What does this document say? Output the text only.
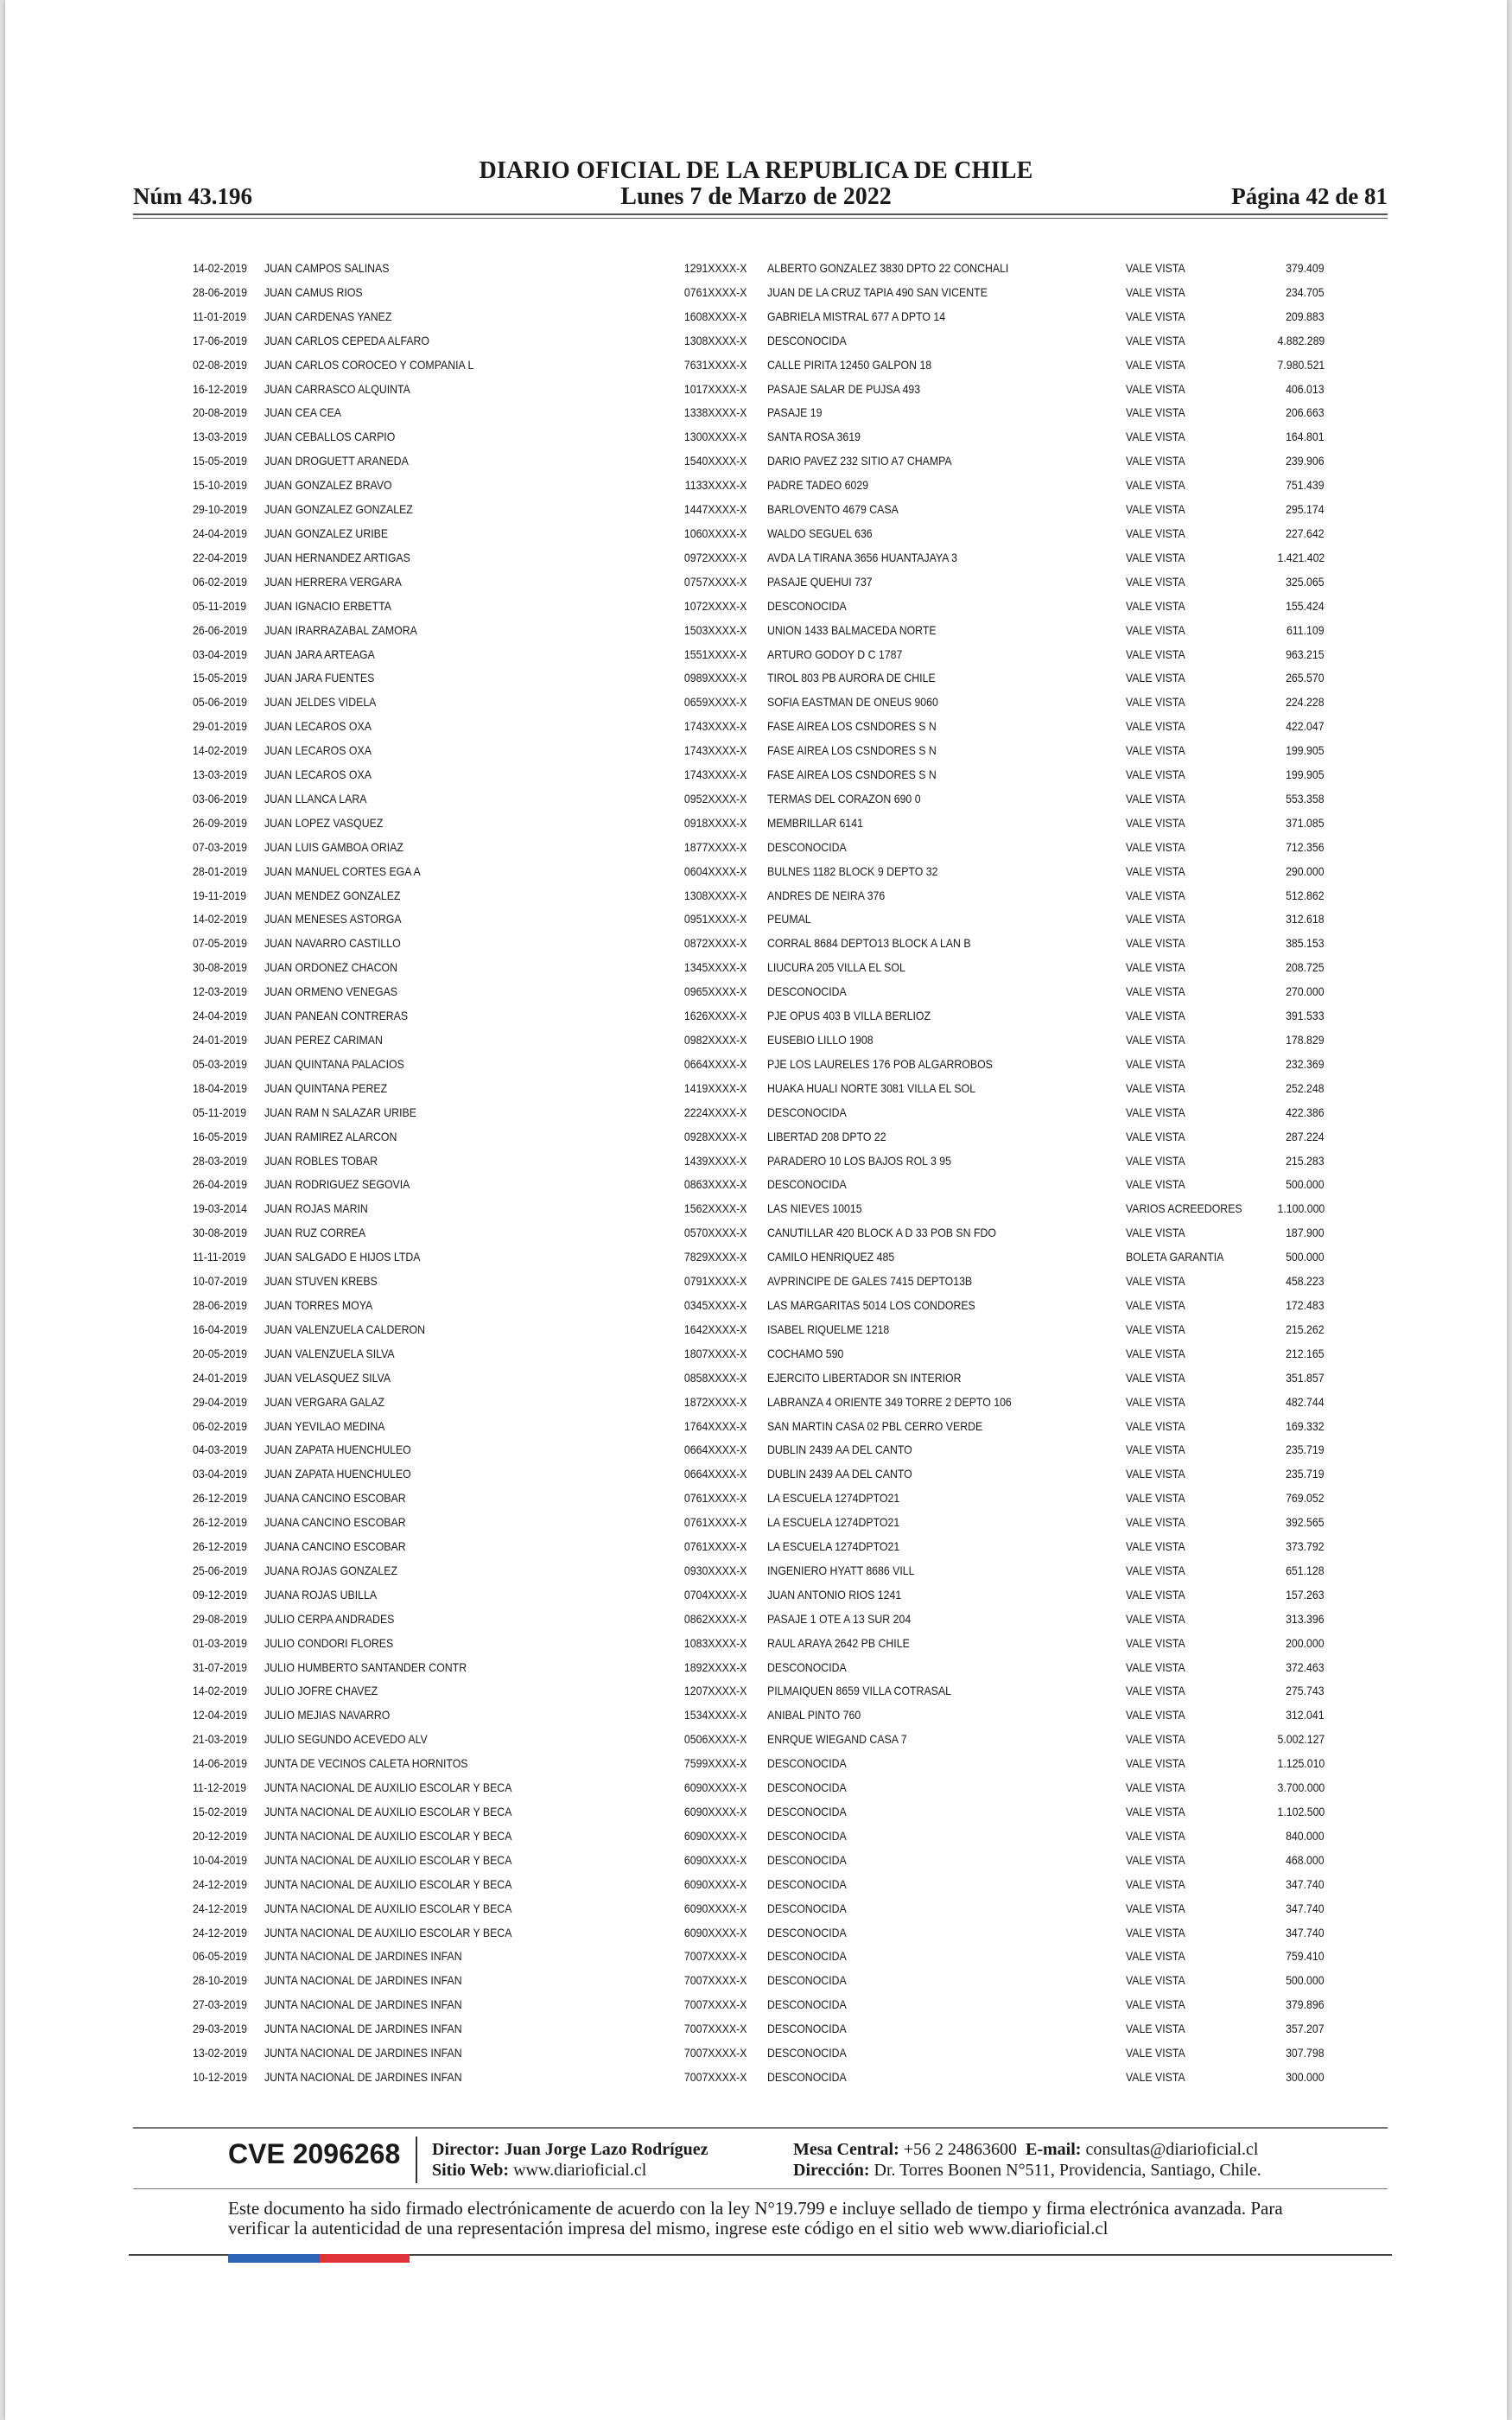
DIARIO OFICIAL DE LA REPUBLICA DE CHILE
Núm 43.196	Lunes 7 de Marzo de 2022	Página 42 de 81
14-02-2019 JUAN CAMPOS SALINAS	1291XXXX-X ALBERTO GONZALEZ 3830 DPTO 22 CONCHALI	VALE VISTA	379.409
28-06-2019 JUAN CAMUS RIOS	0761XXXX-X JUAN DE LA CRUZ TAPIA 490 SAN VICENTE	VALE VISTA	234.705
11-01-2019 JUAN CARDENAS YANEZ	1608XXXX-X GABRIELA MISTRAL 677 A DPTO 14	VALE VISTA	209.883
17-06-2019 JUAN CARLOS CEPEDA ALFARO	1308XXXX-X DESCONOCIDA	VALE VISTA	4.882.289
02-08-2019 JUAN CARLOS COROCEO Y COMPANIA L	7631XXXX-X CALLE PIRITA 12450 GALPON 18	VALE VISTA	7.980.521
16-12-2019 JUAN CARRASCO ALQUINTA	1017XXXX-X PASAJE SALAR DE PUJSA 493	VALE VISTA	406.013
20-08-2019 JUAN CEA CEA	1338XXXX-X PASAJE 19	VALE VISTA	206.663
13-03-2019 JUAN CEBALLOS CARPIO	1300XXXX-X SANTA ROSA 3619	VALE VISTA	164.801
15-05-2019 JUAN DROGUETT ARANEDA	1540XXXX-X DARIO PAVEZ 232 SITIO A7 CHAMPA	VALE VISTA	239.906
15-10-2019 JUAN GONZALEZ BRAVO	1133XXXX-X PADRE TADEO 6029	VALE VISTA	751.439
29-10-2019 JUAN GONZALEZ GONZALEZ	1447XXXX-X BARLOVENTO 4679 CASA	VALE VISTA	295.174
24-04-2019 JUAN GONZALEZ URIBE	1060XXXX-X WALDO SEGUEL 636	VALE VISTA	227.642
22-04-2019 JUAN HERNANDEZ ARTIGAS	0972XXXX-X AVDA LA TIRANA 3656 HUANTAJAYA 3	VALE VISTA	1.421.402
06-02-2019 JUAN HERRERA VERGARA	0757XXXX-X PASAJE QUEHUI 737	VALE VISTA	325.065
05-11-2019 JUAN IGNACIO ERBETTA	1072XXXX-X DESCONOCIDA	VALE VISTA	155.424
26-06-2019 JUAN IRARRAZABAL ZAMORA	1503XXXX-X UNION 1433 BALMACEDA NORTE	VALE VISTA	611.109
03-04-2019 JUAN JARA ARTEAGA	1551XXXX-X ARTURO GODOY D C 1787	VALE VISTA	963.215
15-05-2019 JUAN JARA FUENTES	0989XXXX-X TIROL 803 PB AURORA DE CHILE	VALE VISTA	265.570
05-06-2019 JUAN JELDES VIDELA	0659XXXX-X SOFIA EASTMAN DE ONEUS 9060	VALE VISTA	224.228
29-01-2019 JUAN LECAROS OXA	1743XXXX-X FASE AIREA LOS CSNDORES S N	VALE VISTA	422.047
14-02-2019 JUAN LECAROS OXA	1743XXXX-X FASE AIREA LOS CSNDORES S N	VALE VISTA	199.905
13-03-2019 JUAN LECAROS OXA	1743XXXX-X FASE AIREA LOS CSNDORES S N	VALE VISTA	199.905
03-06-2019 JUAN LLANCA LARA	0952XXXX-X TERMAS DEL CORAZON 690 0	VALE VISTA	553.358
26-09-2019 JUAN LOPEZ VASQUEZ	0918XXXX-X MEMBRILLAR 6141	VALE VISTA	371.085
07-03-2019 JUAN LUIS GAMBOA ORIAZ	1877XXXX-X DESCONOCIDA	VALE VISTA	712.356
28-01-2019 JUAN MANUEL CORTES EGA A	0604XXXX-X BULNES 1182 BLOCK 9 DEPTO 32	VALE VISTA	290.000
19-11-2019 JUAN MENDEZ GONZALEZ	1308XXXX-X ANDRES DE NEIRA 376	VALE VISTA	512.862
14-02-2019 JUAN MENESES ASTORGA	0951XXXX-X PEUMAL	VALE VISTA	312.618
07-05-2019 JUAN NAVARRO CASTILLO	0872XXXX-X CORRAL 8684 DEPTO13 BLOCK A LAN B	VALE VISTA	385.153
30-08-2019 JUAN ORDONEZ CHACON	1345XXXX-X LIUCURA 205 VILLA EL SOL	VALE VISTA	208.725
12-03-2019 JUAN ORMENO VENEGAS	0965XXXX-X DESCONOCIDA	VALE VISTA	270.000
24-04-2019 JUAN PANEAN CONTRERAS	1626XXXX-X PJE OPUS 403 B VILLA BERLIOZ	VALE VISTA	391.533
24-01-2019 JUAN PEREZ CARIMAN	0982XXXX-X EUSEBIO LILLO 1908	VALE VISTA	178.829
05-03-2019 JUAN QUINTANA PALACIOS	0664XXXX-X PJE LOS LAURELES 176 POB ALGARROBOS	VALE VISTA	232.369
18-04-2019 JUAN QUINTANA PEREZ	1419XXXX-X HUAKA HUALI NORTE 3081 VILLA EL SOL	VALE VISTA	252.248
05-11-2019 JUAN RAM N SALAZAR URIBE	2224XXXX-X DESCONOCIDA	VALE VISTA	422.386
16-05-2019 JUAN RAMIREZ ALARCON	0928XXXX-X LIBERTAD 208 DPTO 22	VALE VISTA	287.224
28-03-2019 JUAN ROBLES TOBAR	1439XXXX-X PARADERO 10 LOS BAJOS ROL 3 95	VALE VISTA	215.283
26-04-2019 JUAN RODRIGUEZ SEGOVIA	0863XXXX-X DESCONOCIDA	VALE VISTA	500.000
19-03-2014 JUAN ROJAS MARIN	1562XXXX-X LAS NIEVES 10015	VARIOS ACREEDORES	1.100.000
30-08-2019 JUAN RUZ CORREA	0570XXXX-X CANUTILLAR 420 BLOCK A D 33 POB SN FDO	VALE VISTA	187.900
11-11-2019 JUAN SALGADO E HIJOS LTDA	7829XXXX-X CAMILO HENRIQUEZ 485	BOLETA GARANTIA	500.000
10-07-2019 JUAN STUVEN KREBS	0791XXXX-X AVPRINCIPE DE GALES 7415 DEPTO13B	VALE VISTA	458.223
28-06-2019 JUAN TORRES MOYA	0345XXXX-X LAS MARGARITAS 5014 LOS CONDORES	VALE VISTA	172.483
16-04-2019 JUAN VALENZUELA CALDERON	1642XXXX-X ISABEL RIQUELME 1218	VALE VISTA	215.262
20-05-2019 JUAN VALENZUELA SILVA	1807XXXX-X COCHAMO 590	VALE VISTA	212.165
24-01-2019 JUAN VELASQUEZ SILVA	0858XXXX-X EJERCITO LIBERTADOR SN INTERIOR	VALE VISTA	351.857
29-04-2019 JUAN VERGARA GALAZ	1872XXXX-X LABRANZA 4 ORIENTE 349 TORRE 2 DEPTO 106	VALE VISTA	482.744
06-02-2019 JUAN YEVILAO MEDINA	1764XXXX-X SAN MARTIN CASA 02 PBL CERRO VERDE	VALE VISTA	169.332
04-03-2019 JUAN ZAPATA HUENCHULEO	0664XXXX-X DUBLIN 2439 AA DEL CANTO	VALE VISTA	235.719
03-04-2019 JUAN ZAPATA HUENCHULEO	0664XXXX-X DUBLIN 2439 AA DEL CANTO	VALE VISTA	235.719
26-12-2019 JUANA CANCINO ESCOBAR	0761XXXX-X LA ESCUELA 1274DPTO21	VALE VISTA	769.052
26-12-2019 JUANA CANCINO ESCOBAR	0761XXXX-X LA ESCUELA 1274DPTO21	VALE VISTA	392.565
26-12-2019 JUANA CANCINO ESCOBAR	0761XXXX-X LA ESCUELA 1274DPTO21	VALE VISTA	373.792
25-06-2019 JUANA ROJAS GONZALEZ	0930XXXX-X INGENIERO HYATT 8686 VILL	VALE VISTA	651.128
09-12-2019 JUANA ROJAS UBILLA	0704XXXX-X JUAN ANTONIO RIOS 1241	VALE VISTA	157.263
29-08-2019 JULIO CERPA ANDRADES	0862XXXX-X PASAJE 1 OTE A 13 SUR 204	VALE VISTA	313.396
01-03-2019 JULIO CONDORI FLORES	1083XXXX-X RAUL ARAYA 2642 PB CHILE	VALE VISTA	200.000
31-07-2019 JULIO HUMBERTO SANTANDER CONTR	1892XXXX-X DESCONOCIDA	VALE VISTA	372.463
14-02-2019 JULIO JOFRE CHAVEZ	1207XXXX-X PILMAIQUEN 8659 VILLA COTRASAL	VALE VISTA	275.743
12-04-2019 JULIO MEJIAS NAVARRO	1534XXXX-X ANIBAL PINTO 760	VALE VISTA	312.041
21-03-2019 JULIO SEGUNDO ACEVEDO ALV	0506XXXX-X ENRQUE WIEGAND CASA 7	VALE VISTA	5.002.127
14-06-2019 JUNTA DE VECINOS CALETA HORNITOS	7599XXXX-X DESCONOCIDA	VALE VISTA	1.125.010
11-12-2019 JUNTA NACIONAL DE AUXILIO ESCOLAR Y BECA	6090XXXX-X DESCONOCIDA	VALE VISTA	3.700.000
15-02-2019 JUNTA NACIONAL DE AUXILIO ESCOLAR Y BECA	6090XXXX-X DESCONOCIDA	VALE VISTA	1.102.500
20-12-2019 JUNTA NACIONAL DE AUXILIO ESCOLAR Y BECA	6090XXXX-X DESCONOCIDA	VALE VISTA	840.000
10-04-2019 JUNTA NACIONAL DE AUXILIO ESCOLAR Y BECA	6090XXXX-X DESCONOCIDA	VALE VISTA	468.000
24-12-2019 JUNTA NACIONAL DE AUXILIO ESCOLAR Y BECA	6090XXXX-X DESCONOCIDA	VALE VISTA	347.740
24-12-2019 JUNTA NACIONAL DE AUXILIO ESCOLAR Y BECA	6090XXXX-X DESCONOCIDA	VALE VISTA	347.740
24-12-2019 JUNTA NACIONAL DE AUXILIO ESCOLAR Y BECA	6090XXXX-X DESCONOCIDA	VALE VISTA	347.740
06-05-2019 JUNTA NACIONAL DE JARDINES INFAN	7007XXXX-X DESCONOCIDA	VALE VISTA	759.410
28-10-2019 JUNTA NACIONAL DE JARDINES INFAN	7007XXXX-X DESCONOCIDA	VALE VISTA	500.000
27-03-2019 JUNTA NACIONAL DE JARDINES INFAN	7007XXXX-X DESCONOCIDA	VALE VISTA	379.896
29-03-2019 JUNTA NACIONAL DE JARDINES INFAN	7007XXXX-X DESCONOCIDA	VALE VISTA	357.207
13-02-2019 JUNTA NACIONAL DE JARDINES INFAN	7007XXXX-X DESCONOCIDA	VALE VISTA	307.798
10-12-2019 JUNTA NACIONAL DE JARDINES INFAN	7007XXXX-X DESCONOCIDA	VALE VISTA	300.000
CVE 2096268 Director: Juan Jorge Lazo Rodríguez
Sitio Web: www.diarioficial.cl
Mesa Central: +56 2 24863600 E-mail: consultas@diarioficial.cl
Dirección: Dr. Torres Boonen N°511, Providencia, Santiago, Chile.
Este documento ha sido firmado electrónicamente de acuerdo con la ley N°19.799 e incluye sellado de tiempo y firma electrónica avanzada. Para verificar la autenticidad de una representación impresa del mismo, ingrese este código en el sitio web www.diarioficial.cl
